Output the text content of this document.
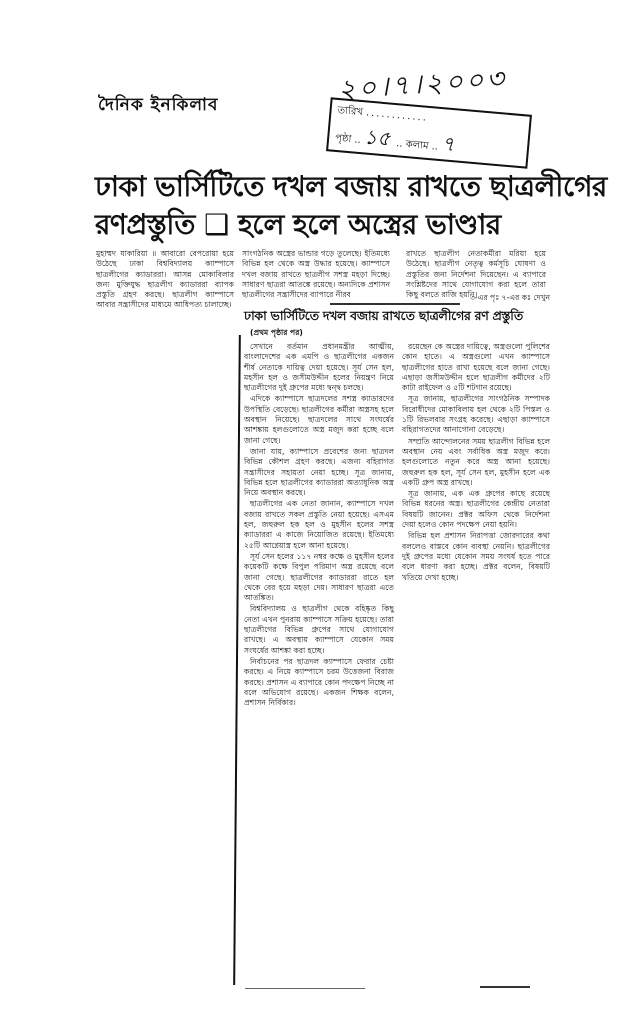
দৈনিক ইনকিলাব	২০।৭।২০০৩
তারিখ ............
পৃষ্ঠা .. ১৫  .. কলাম .. ৭
ঢাকা ভার্সিটিতে দখল বজায় রাখতে ছাত্রলীগের
রণপ্রস্তুতি ❑ হলে হলে অস্ত্রের ভাণ্ডার
মুহাম্মদ যাকারিয়া ॥ আবারো বেপরোয়া হয়ে উঠেছে ঢাকা বিশ্ববিদ্যালয় ক্যাম্পাসে ছাত্রলীগের ক্যাডাররা। আসন্ন মোকাবিলার জন্য মুক্তিযুদ্ধ ছাত্রলীগ ক্যাডাররা ব্যাপক প্রস্তুতি গ্রহণ করছে। ছাত্রলীগ ক্যাম্পাসে আবার সন্ত্রাসীদের মাধ্যমে আধিপত্য চালাচ্ছে।
সাংগঠনিক অস্ত্রের ভান্ডার গড়ে তুলেছে। ইতিমধ্যে বিভিন্ন হল থেকে অস্ত্র উদ্ধার হয়েছে। ক্যাম্পাসে দখল বজায় রাখতে ছাত্রলীগ সশস্ত্র মহড়া দিচ্ছে। সাধারণ ছাত্ররা আতঙ্কে রয়েছে। অন্যদিকে প্রশাসন ছাত্রলীগের সন্ত্রাসীদের ব্যাপারে নীরব
রাখতে ছাত্রলীগ নেতাকর্মীরা মরিয়া হয়ে উঠেছে। ছাত্রলীগ নেতৃত্ব কর্মসূচি ঘোষণা ও প্রস্তুতির জন্য নির্দেশনা দিয়েছেন। এ ব্যাপারে সংশ্লিষ্টদের সাথে যোগাযোগ করা হলে তারা কিছু বলতে রাজি হয়নি।
৩-এর পৃঃ ৭-এর কঃ দেখুন
ঢাকা ভার্সিটিতে দখল বজায় রাখতে ছাত্রলীগের রণ প্রস্তুতি
(প্রথম পৃষ্ঠার পর)

সেখানে বর্তমান প্রধানমন্ত্রীর আত্মীয়, বাংলাদেশের এক এমপি ও ছাত্রলীগের একজন শীর্ষ নেতাকে দায়িত্ব দেয়া হয়েছে। সূর্য সেন হল, মহসীন হল ও জসীমউদ্দীন হলের নিয়ন্ত্রণ নিয়ে ছাত্রলীগের দুই গ্রুপের মধ্যে দ্বন্দ্ব চলছে।

এদিকে ক্যাম্পাসে ছাত্রদলের সশস্ত্র ক্যাডারদের উপস্থিতি বেড়েছে। ছাত্রলীগের কর্মীরা অস্ত্রসহ হলে অবস্থান নিয়েছে। ছাত্রদলের সাথে সংঘর্ষের আশঙ্কায় হলগুলোতে অস্ত্র মজুদ করা হচ্ছে বলে জানা গেছে।

জানা যায়, ক্যাম্পাসে প্রবেশের জন্য ছাত্রদল বিভিন্ন কৌশল গ্রহণ করছে। এজন্য বহিরাগত সন্ত্রাসীদের সহায়তা নেয়া হচ্ছে। সূত্র জানায়, বিভিন্ন হলে ছাত্রলীগের ক্যাডাররা অত্যাধুনিক অস্ত্র নিয়ে অবস্থান করছে।

ছাত্রলীগের এক নেতা জানান, ক্যাম্পাসে দখল বজায় রাখতে সকল প্রস্তুতি নেয়া হয়েছে। এসএম হল, জহুরুল হক হল ও মুহসীন হলের সশস্ত্র ক্যাডাররা এ কাজে নিয়োজিত রয়েছে। ইতিমধ্যে ২৫টি আগ্নেয়াস্ত্র হলে আনা হয়েছে।

সূর্য সেন হলের ১১৭ নম্বর কক্ষে ও মুহসীন হলের কয়েকটি কক্ষে বিপুল পরিমাণ অস্ত্র রয়েছে বলে জানা গেছে। ছাত্রলীগের ক্যাডাররা রাতে হল থেকে বের হয়ে মহড়া দেয়। সাধারণ ছাত্ররা এতে আতঙ্কিত।

বিশ্ববিদ্যালয় ও ছাত্রলীগ থেকে বহিষ্কৃত কিছু নেতা এখন পুনরায় ক্যাম্পাসে সক্রিয় হয়েছে। তারা ছাত্রলীগের বিভিন্ন গ্রুপের সাথে যোগাযোগ রাখছে। এ অবস্থায় ক্যাম্পাসে যেকোন সময় সংঘর্ষের আশঙ্কা করা হচ্ছে।

নির্বাচনের পর ছাত্রদল ক্যাম্পাসে ফেরার চেষ্টা করছে। এ নিয়ে ক্যাম্পাসে চরম উত্তেজনা বিরাজ করছে। প্রশাসন এ ব্যাপারে কোন পদক্ষেপ নিচ্ছে না বলে অভিযোগ রয়েছে। একজন শিক্ষক বলেন, প্রশাসন নির্বিকার।

রয়েছেন কে অস্ত্রের দায়িত্বে, অস্ত্রগুলো পুলিশের কোন হাতে। এ অস্ত্রগুলো এখন ক্যাম্পাসে ছাত্রলীগের হাতে রাখা হয়েছে বলে জানা গেছে। এছাড়া জসীমউদ্দীন হলে ছাত্রলীগ কর্মীদের ২টি কাটা রাইফেল ও ৫টি শটগান রয়েছে।

সূত্র জানায়, ছাত্রলীগের সাংগঠনিক সম্পাদক বিরোধীদের মোকাবিলায় হল থেকে ২টি পিস্তল ও ১টি রিভলবার সংগ্রহ করেছে। এছাড়া ক্যাম্পাসে বহিরাগতদের আনাগোনা বেড়েছে।

সম্প্রতি আন্দোলনের সময় ছাত্রলীগ বিভিন্ন হলে অবস্থান নেয় এবং সর্বাধিক অস্ত্র মজুদ করে। হলগুলোতে নতুন করে অস্ত্র আনা হয়েছে। জহুরুল হক হল, সূর্য সেন হল, মুহসীন হলে এক একটি গ্রুপ অস্ত্র রাখছে।

সূত্র জানায়, এক এক গ্রুপের কাছে রয়েছে বিভিন্ন ধরনের অস্ত্র। ছাত্রলীগের কেন্দ্রীয় নেতারা বিষয়টি জানেন। প্রক্টর অফিস থেকে নির্দেশনা দেয়া হলেও কোন পদক্ষেপ নেয়া হয়নি।

বিভিন্ন হল প্রশাসন নিরাপত্তা জোরদারের কথা বললেও বাস্তবে কোন ব্যবস্থা নেয়নি। ছাত্রলীগের দুই গ্রুপের মধ্যে যেকোন সময় সংঘর্ষ হতে পারে বলে ধারণা করা হচ্ছে। প্রক্টর বলেন, বিষয়টি খতিয়ে দেখা হচ্ছে।
